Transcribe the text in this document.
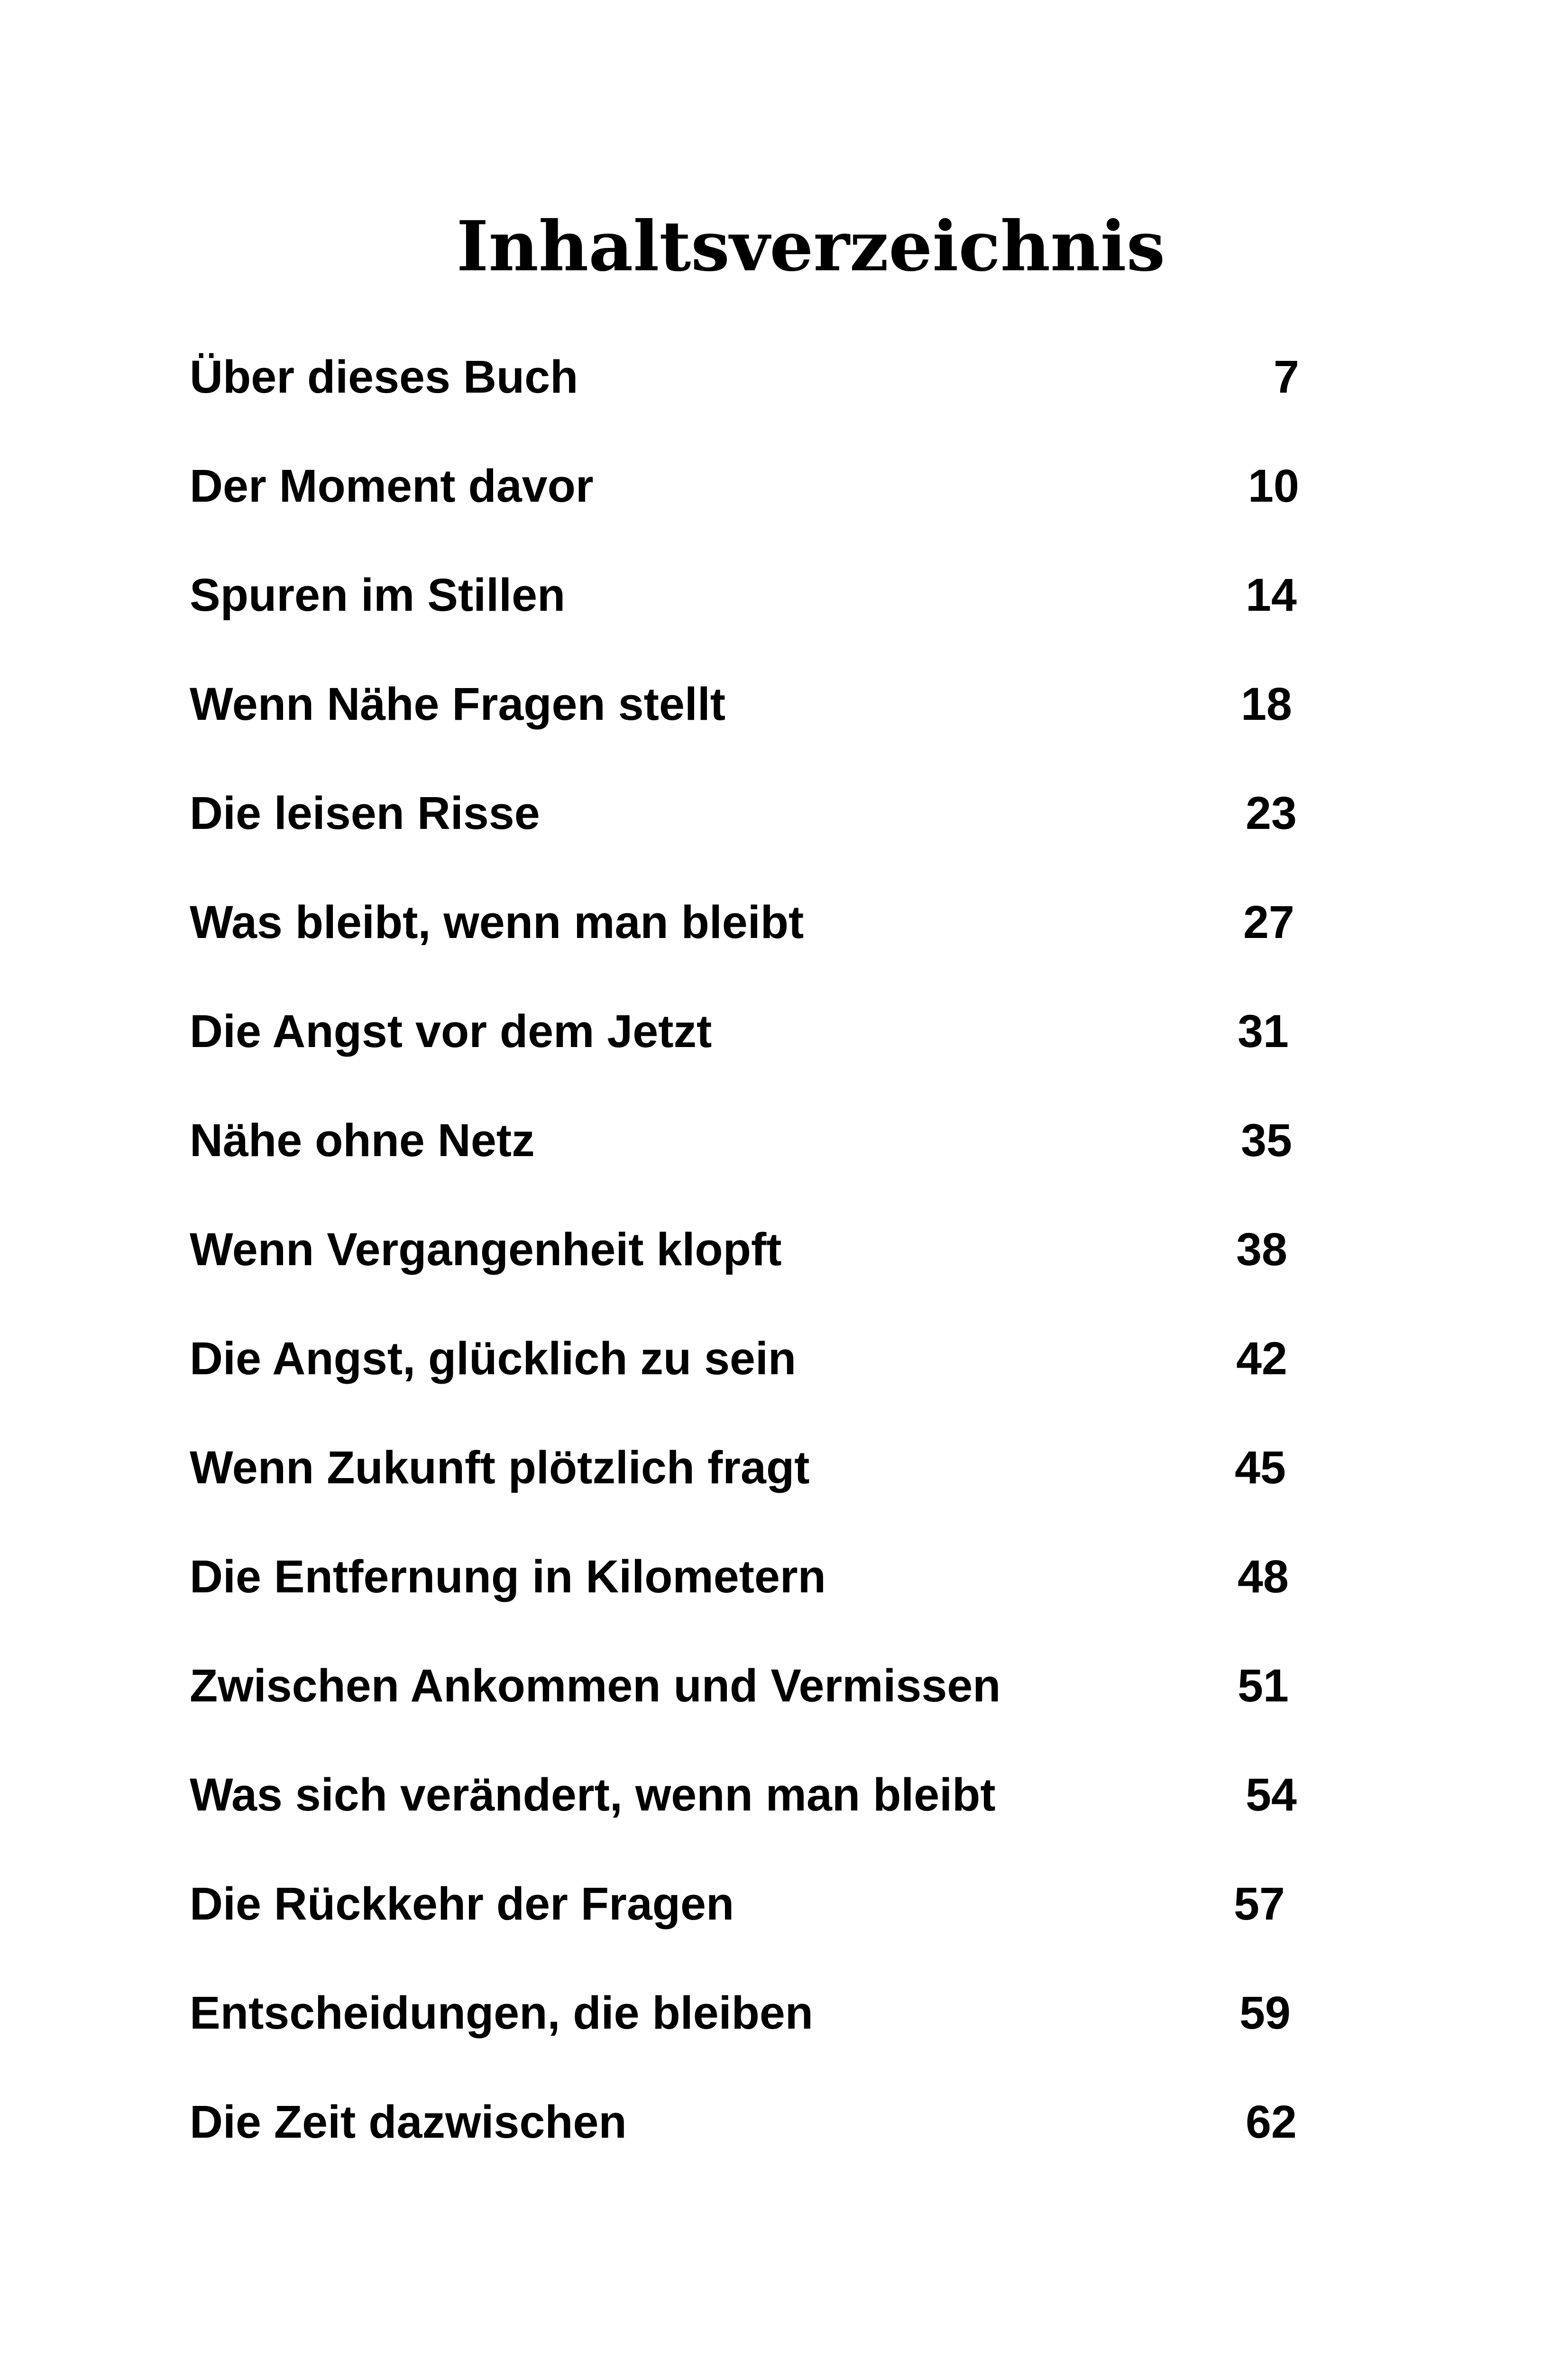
Inhaltsverzeichnis
Über dieses Buch	7
Der Moment davor	10
Spuren im Stillen	14
Wenn Nähe Fragen stellt	18
Die leisen Risse	23
Was bleibt, wenn man bleibt	27
Die Angst vor dem Jetzt	31
Nähe ohne Netz	35
Wenn Vergangenheit klopft	38
Die Angst, glücklich zu sein	42
Wenn Zukunft plötzlich fragt	45
Die Entfernung in Kilometern	48
Zwischen Ankommen und Vermissen	51
Was sich verändert, wenn man bleibt	54
Die Rückkehr der Fragen	57
Entscheidungen, die bleiben	59
Die Zeit dazwischen	62
